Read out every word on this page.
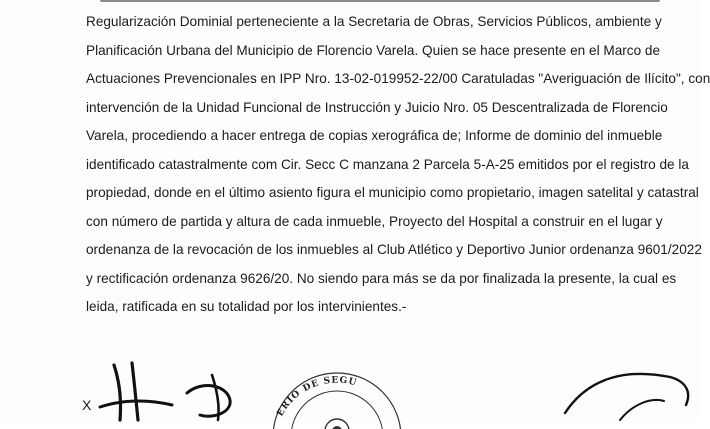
Regularización Dominial perteneciente a la Secretaria de Obras, Servicios Públicos, ambiente y
Planificación Urbana del Municipio de Florencio Varela. Quien se hace presente en el Marco de
Actuaciones Prevencionales en IPP Nro. 13-02-019952-22/00 Caratuladas "Averiguación de Ilícito", con
intervención de la Unidad Funcional de Instrucción y Juicio Nro. 05 Descentralizada de Florencio
Varela, procediendo a hacer entrega de copias xerográfica de; Informe de dominio del inmueble
identificado catastralmente com Cir. Secc C manzana 2 Parcela 5-A-25 emitidos por el registro de la
propiedad, donde en el último asiento figura el municipio como propietario, imagen satelital y catastral
con número de partida y altura de cada inmueble, Proyecto del Hospital a construir en el lugar y
ordenanza de la revocación de los inmuebles al Club Atlético y Deportivo Junior ordenanza 9601/2022
y rectificación ordenanza 9626/20. No siendo para más se da por finalizada la presente, la cual es
leida, ratificada en su totalidad por los intervinientes.-
X	ERIO DE SEGU
